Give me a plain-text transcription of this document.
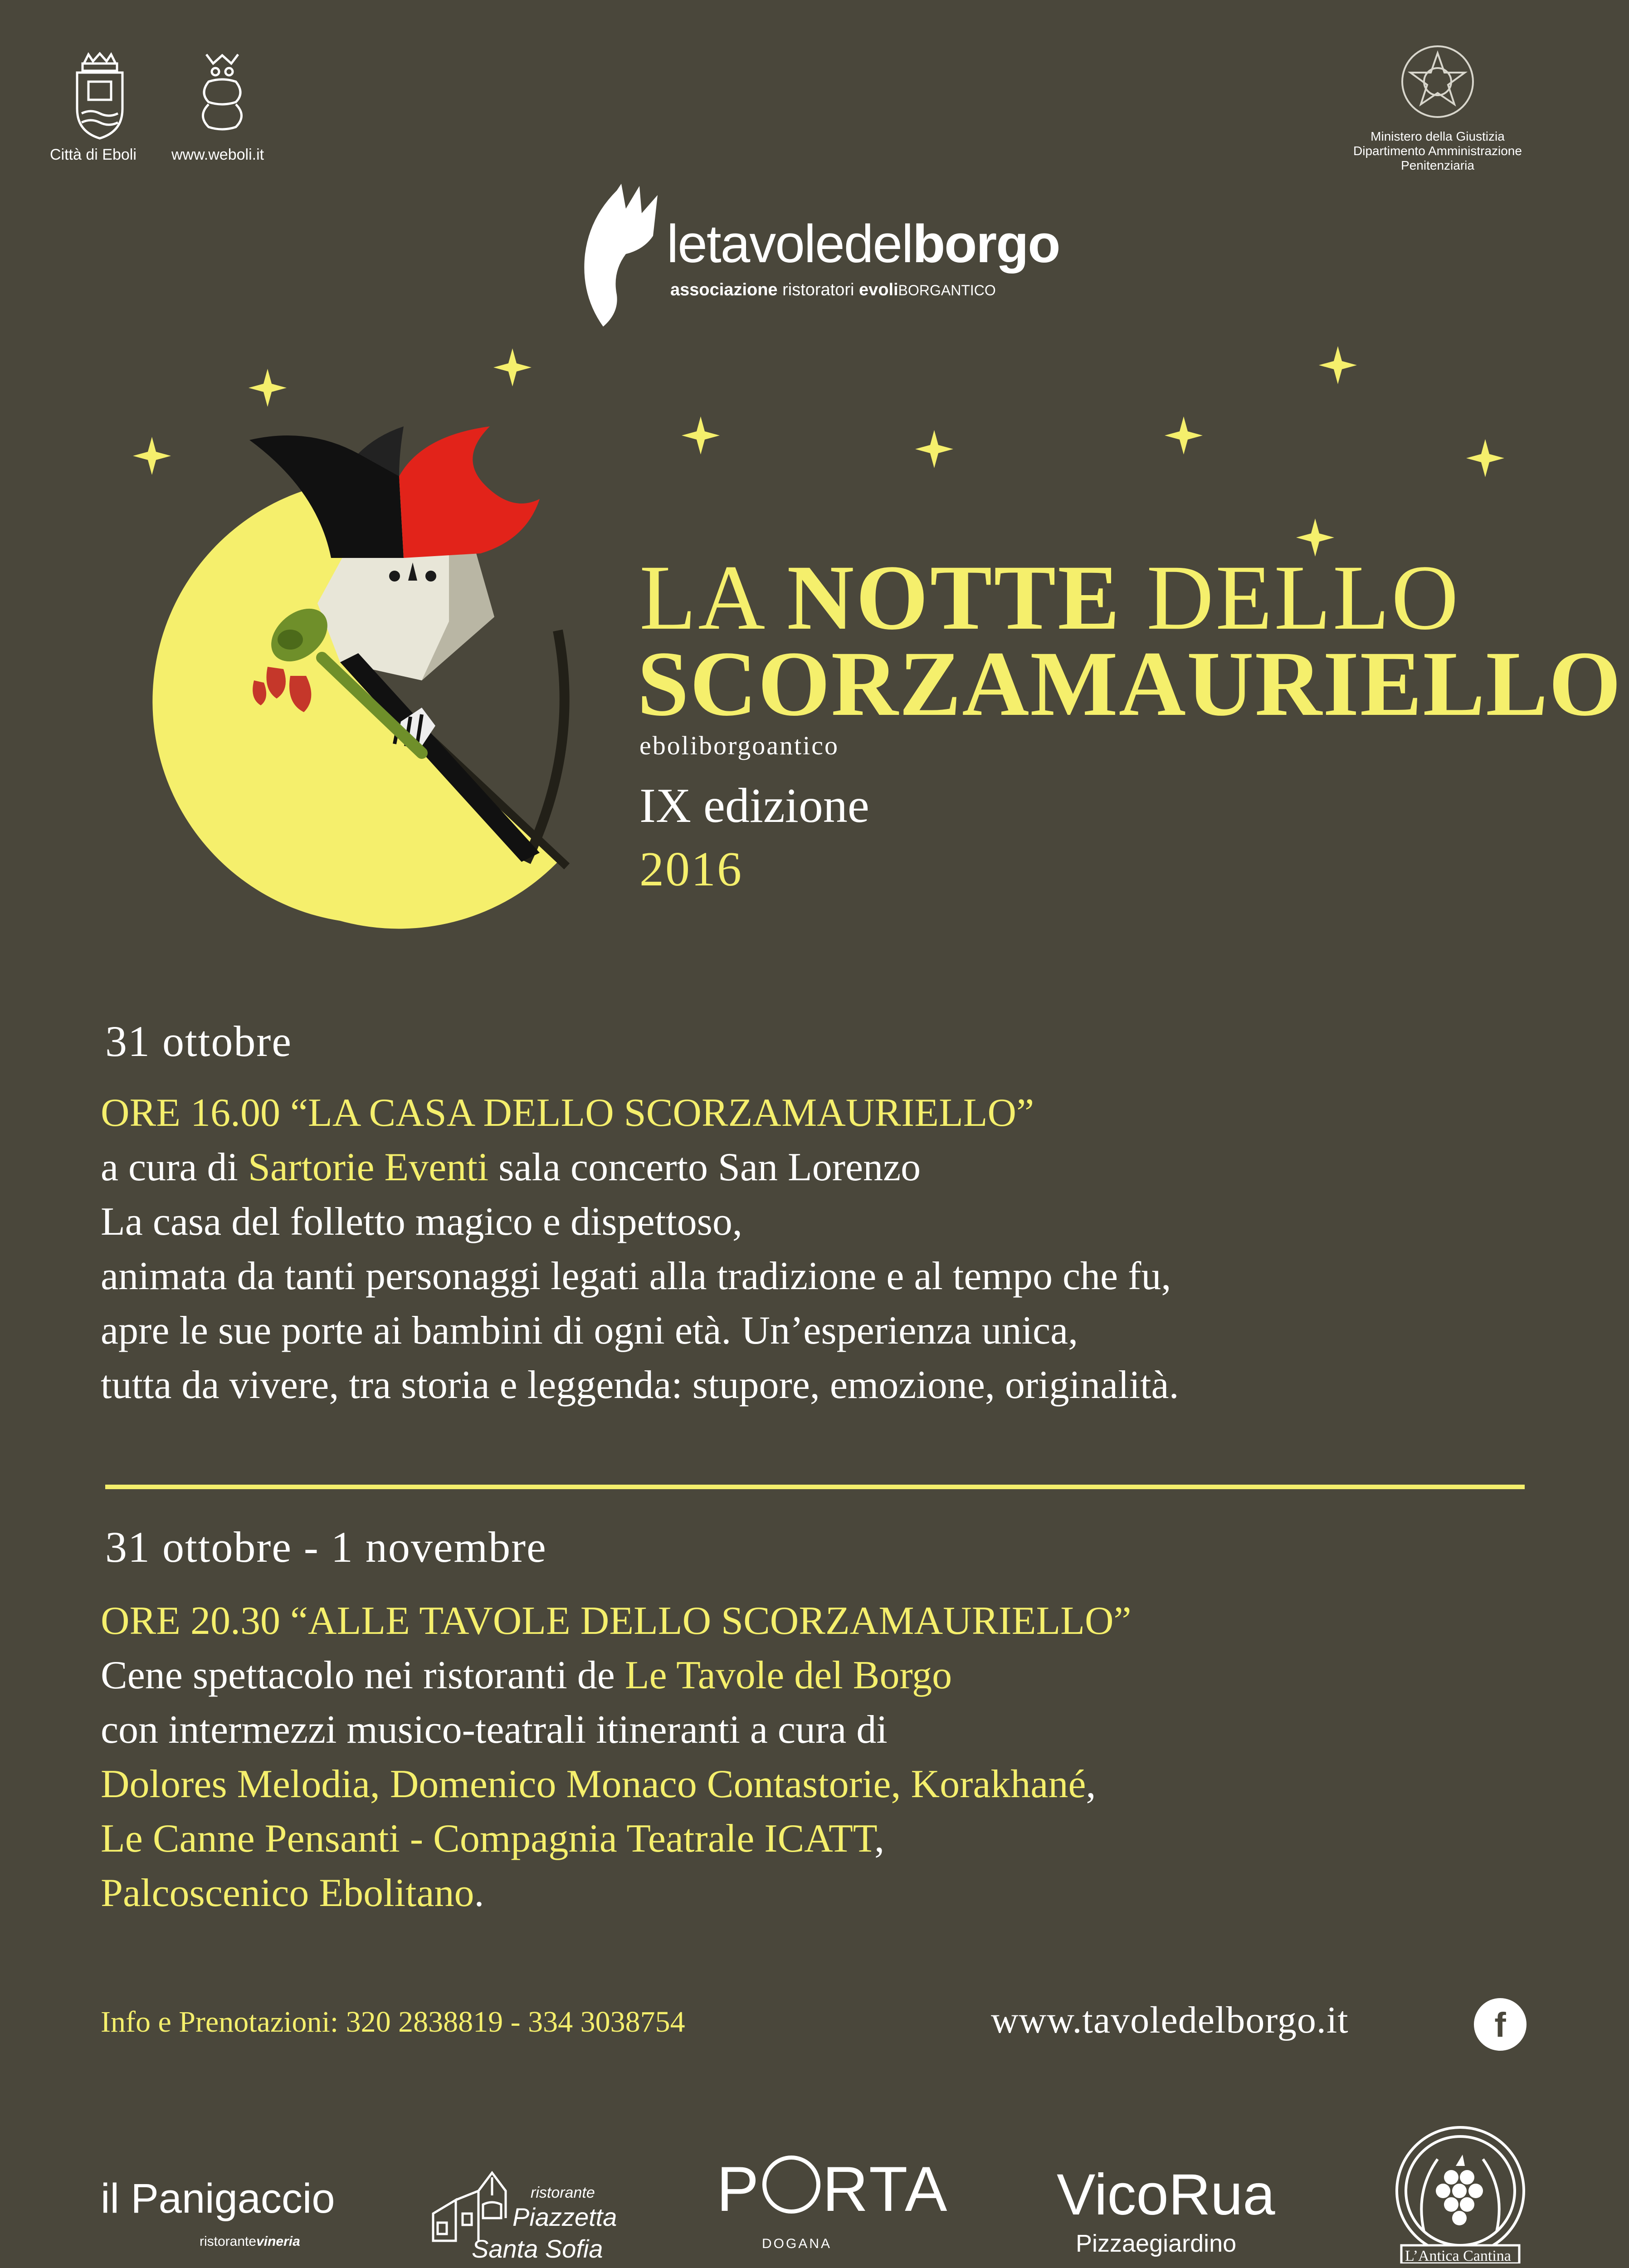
Città di Eboli www.weboli.it
Ministero della Giustizia
Dipartimento Amministrazione
Penitenziaria
letavoledelborgo
associazione ristoratori evoliBORGANTICO
LA NOTTE DELLO
SCORZAMAURIELLO
eboliborgoantico
IX edizione
2016
31 ottobre
ORE 16.00 “LA CASA DELLO SCORZAMAURIELLO”
a cura di Sartorie Eventi sala concerto San Lorenzo
La casa del folletto magico e dispettoso,
animata da tanti personaggi legati alla tradizione e al tempo che fu,
apre le sue porte ai bambini di ogni età. Un’esperienza unica,
tutta da vivere, tra storia e leggenda: stupore, emozione, originalità.
31 ottobre - 1 novembre
ORE 20.30 “ALLE TAVOLE DELLO SCORZAMAURIELLO”
Cene spettacolo nei ristoranti de Le Tavole del Borgo
con intermezzi musico-teatrali itineranti a cura di
Dolores Melodia, Domenico Monaco Contastorie, Korakhané,
Le Canne Pensanti - Compagnia Teatrale ICATT,
Palcoscenico Ebolitano.
Info e Prenotazioni: 320 2838819 - 334 3038754	www.tavoledelborgo.it	f
il Panigaccio
ristorantevineria
ristorante
Piazzetta
Santa Sofia
P RTA
DOGANA
VicoRua
Pizzaegiardino	L’Antica Cantina
